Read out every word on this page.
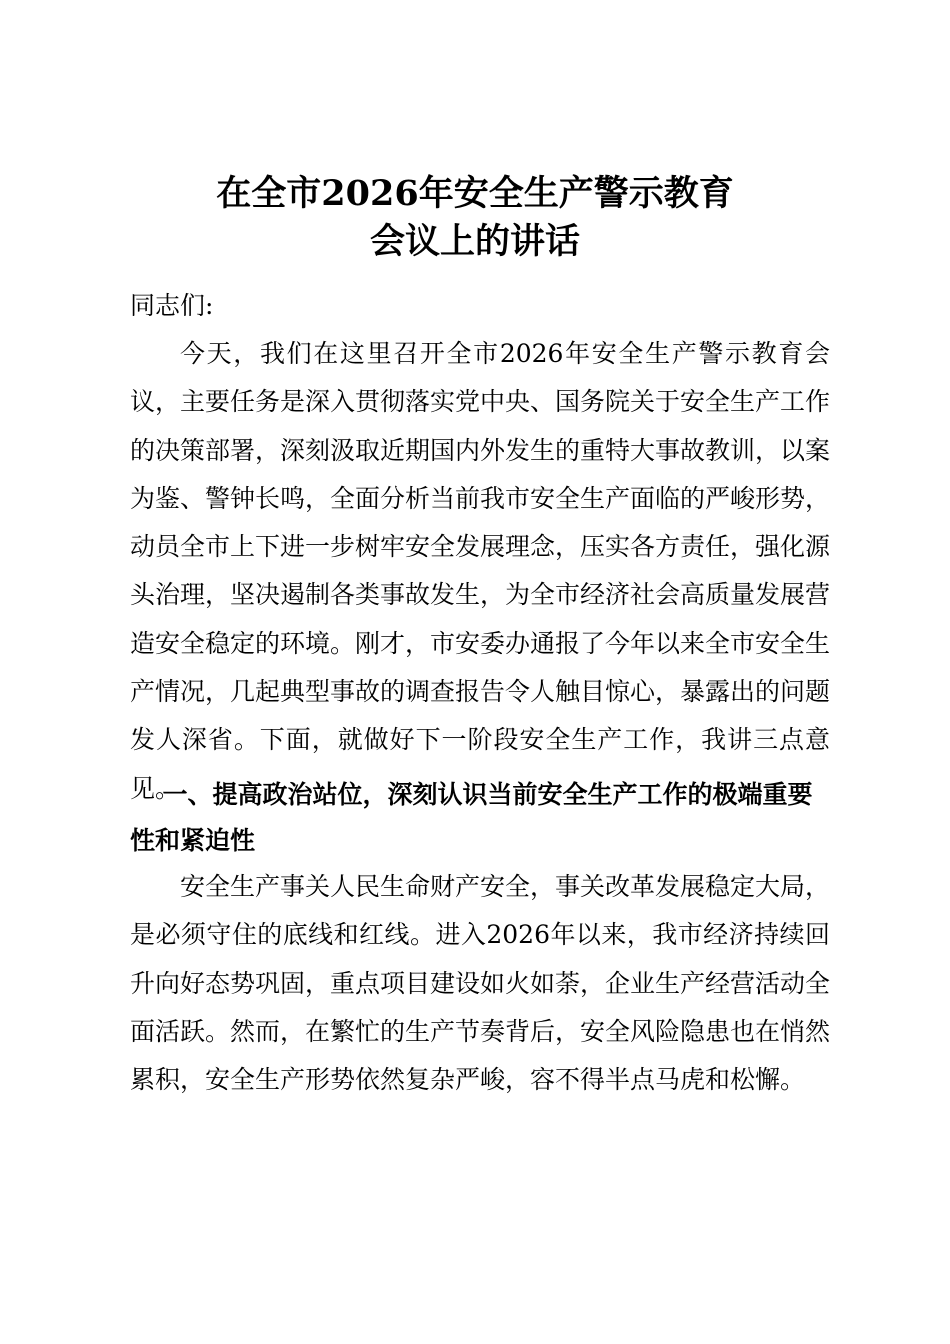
在全市2026年安全生产警示教育
会议上的讲话
同志们:

今天，我们在这里召开全市2026年安全生产警示教育会议，主要任务是深入贯彻落实党中央、国务院关于安全生产工作的决策部署，深刻汲取近期国内外发生的重特大事故教训，以案为鉴、警钟长鸣，全面分析当前我市安全生产面临的严峻形势，动员全市上下进一步树牢安全发展理念，压实各方责任，强化源头治理，坚决遏制各类事故发生，为全市经济社会高质量发展营造安全稳定的环境。刚才，市安委办通报了今年以来全市安全生产情况，几起典型事故的调查报告令人触目惊心，暴露出的问题发人深省。下面，就做好下一阶段安全生产工作，我讲三点意见。

一、提高政治站位，深刻认识当前安全生产工作的极端重要性和紧迫性

安全生产事关人民生命财产安全，事关改革发展稳定大局，是必须守住的底线和红线。进入2026年以来，我市经济持续回升向好态势巩固，重点项目建设如火如荼，企业生产经营活动全面活跃。然而，在繁忙的生产节奏背后，安全风险隐患也在悄然累积，安全生产形势依然复杂严峻，容不得半点马虎和松懈。
